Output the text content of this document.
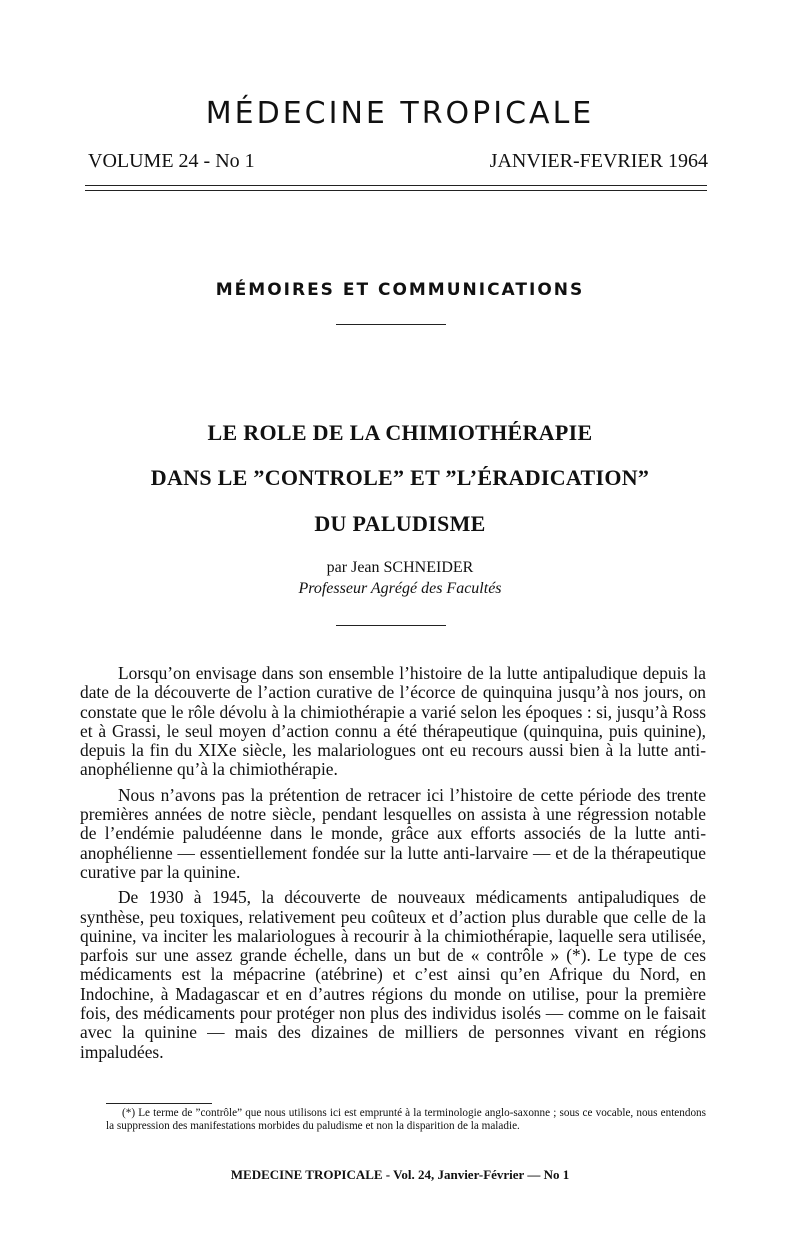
MÉDECINE TROPICALE
VOLUME 24 - No 1	JANVIER-FEVRIER 1964
MÉMOIRES ET COMMUNICATIONS
LE ROLE DE LA CHIMIOTHÉRAPIE
DANS LE ”CONTROLE” ET ”L’ÉRADICATION”
DU PALUDISME
par Jean SCHNEIDER
Professeur Agrégé des Facultés

Lorsqu’on envisage dans son ensemble l’histoire de la lutte antipaludique depuis la date de la découverte de l’action curative de l’écorce de quinquina jusqu’à nos jours, on constate que le rôle dévolu à la chimiothérapie a varié selon les époques : si, jusqu’à Ross et à Grassi, le seul moyen d’action connu a été thérapeutique (quinquina, puis quinine), depuis la fin du XIXe siècle, les malariologues ont eu recours aussi bien à la lutte anti-anophélienne qu’à la chimiothérapie.

Nous n’avons pas la prétention de retracer ici l’histoire de cette période des trente premières années de notre siècle, pendant lesquelles on assista à une régression notable de l’endémie paludéenne dans le monde, grâce aux efforts associés de la lutte anti-anophélienne — essentiellement fondée sur la lutte anti-larvaire — et de la thérapeutique curative par la quinine.

De 1930 à 1945, la découverte de nouveaux médicaments antipaludiques de synthèse, peu toxiques, relativement peu coûteux et d’action plus durable que celle de la quinine, va inciter les malariologues à recourir à la chimiothérapie, laquelle sera utilisée, parfois sur une assez grande échelle, dans un but de « contrôle » (*). Le type de ces médicaments est la mépacrine (atébrine) et c’est ainsi qu’en Afrique du Nord, en Indochine, à Madagascar et en d’autres régions du monde on utilise, pour la première fois, des médicaments pour protéger non plus des individus isolés — comme on le faisait avec la quinine — mais des dizaines de milliers de personnes vivant en régions impaludées.

(*) Le terme de ”contrôle” que nous utilisons ici est emprunté à la terminologie anglo-saxonne ; sous ce vocable, nous entendons la suppression des manifestations morbides du paludisme et non la disparition de la maladie.
MEDECINE TROPICALE - Vol. 24, Janvier-Février — No 1
